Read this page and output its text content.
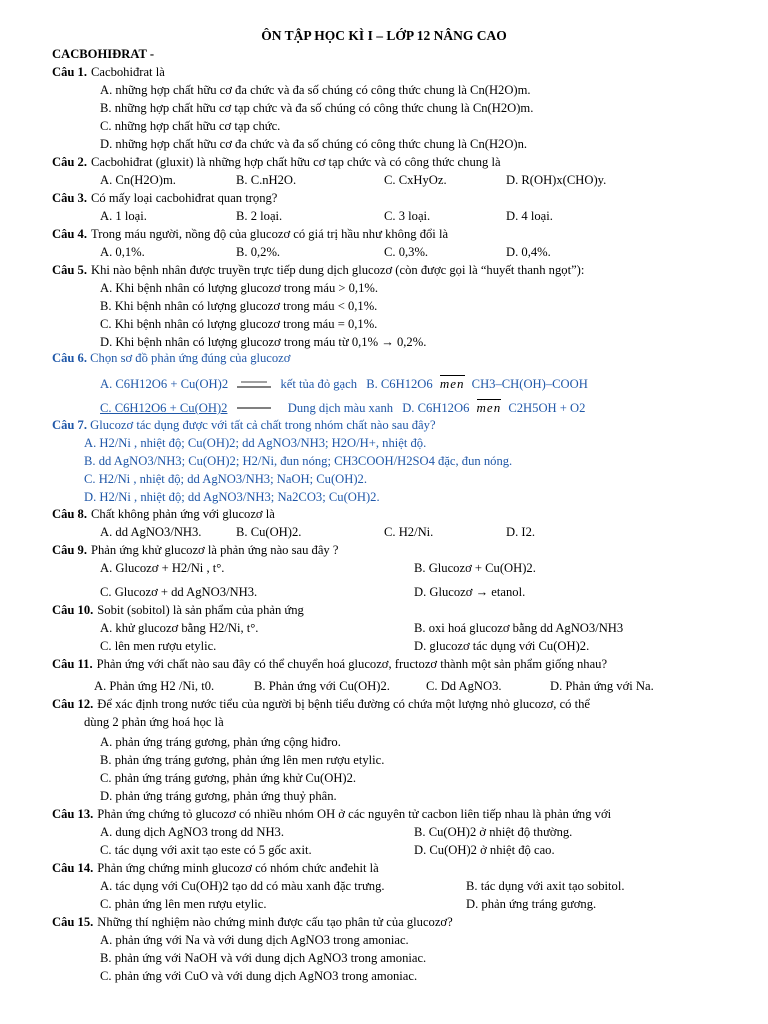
ÔN TẬP HỌC KÌ I – LỚP 12 NÂNG CAO
CACBOHIĐRAT -
Câu 1. Cacbohiđrat là
A. những hợp chất hữu cơ đa chức và đa số chúng có công thức chung là Cn(H2O)m.
B. những hợp chất hữu cơ tạp chức và đa số chúng có công thức chung là Cn(H2O)m.
C. những hợp chất hữu cơ tạp chức.
D. những hợp chất hữu cơ đa chức và đa số chúng có công thức chung là Cn(H2O)n.
Câu 2. Cacbohiđrat (gluxit) là những hợp chất hữu cơ tạp chức và có công thức chung là
A. Cn(H2O)m.	B. C.nH2O.	C. CxHyOz.	D. R(OH)x(CHO)y.
Câu 3. Có mấy loại cacbohiđrat quan trọng?
A. 1 loại.	B. 2 loại.	C. 3 loại.	D. 4 loại.
Câu 4. Trong máu người, nồng độ của glucozơ có giá trị hầu như không đổi là
A. 0,1%.	B. 0,2%.	C. 0,3%.	D. 0,4%.
Câu 5. Khi nào bệnh nhân được truyền trực tiếp dung dịch glucozơ (còn được gọi là “huyết thanh ngọt”):
A. Khi bệnh nhân có lượng glucozơ trong máu > 0,1%.
B. Khi bệnh nhân có lượng glucozơ trong máu < 0,1%.
C. Khi bệnh nhân có lượng glucozơ trong máu = 0,1%.
D. Khi bệnh nhân có lượng glucozơ trong máu từ 0,1% → 0,2%.
Câu 6. Chọn sơ đồ phản ứng đúng của glucozơ
A. C6H12O6 + Cu(OH)2	kết tủa đỏ gạch B. C6H12O6 men CH3–CH(OH)–COOH
C. C6H12O6 + Cu(OH)2	Dung dịch màu xanh D. C6H12O6 men C2H5OH + O2
Câu 7. Glucozơ tác dụng được với tất cả chất trong nhóm chất nào sau đây?
A. H2/Ni , nhiệt độ; Cu(OH)2; dd AgNO3/NH3; H2O/H+, nhiệt độ.
B. dd AgNO3/NH3; Cu(OH)2; H2/Ni, đun nóng; CH3COOH/H2SO4 đặc, đun nóng.
C. H2/Ni , nhiệt độ; dd AgNO3/NH3; NaOH; Cu(OH)2.
D. H2/Ni , nhiệt độ; dd AgNO3/NH3; Na2CO3; Cu(OH)2.
Câu 8. Chất không phản ứng với glucozơ là
A. dd AgNO3/NH3.	B. Cu(OH)2.	C. H2/Ni.	D. I2.
Câu 9. Phản ứng khử glucozơ là phản ứng nào sau đây ?
A. Glucozơ + H2/Ni , t°.	B. Glucozơ + Cu(OH)2.
C. Glucozơ + dd AgNO3/NH3.	D. Glucozơ → etanol.
Câu 10. Sobit (sobitol) là sản phẩm của phản ứng
A. khử glucozơ bằng H2/Ni, t°.	B. oxi hoá glucozơ bằng dd AgNO3/NH3
C. lên men rượu etylic.	D. glucozơ tác dụng với Cu(OH)2.
Câu 11. Phản ứng với chất nào sau đây có thể chuyển hoá glucozơ, fructozơ thành một sản phẩm giống nhau?
A. Phản ứng H2 /Ni, t0.	B. Phản ứng với Cu(OH)2.	C. Dd AgNO3.	D. Phản ứng với Na.
Câu 12. Để xác định trong nước tiểu của người bị bệnh tiểu đường có chứa một lượng nhỏ glucozơ, có thể
dùng 2 phản ứng hoá học là
A. phản ứng tráng gương, phản ứng cộng hiđro.
B. phản ứng tráng gương, phản ứng lên men rượu etylic.
C. phản ứng tráng gương, phản ứng khử Cu(OH)2.
D. phản ứng tráng gương, phản ứng thuỷ phân.
Câu 13. Phản ứng chứng tỏ glucozơ có nhiều nhóm OH ở các nguyên tử cacbon liên tiếp nhau là phản ứng với
A. dung dịch AgNO3 trong dd NH3.	B. Cu(OH)2 ở nhiệt độ thường.
C. tác dụng với axit tạo este có 5 gốc axit.	D. Cu(OH)2 ở nhiệt độ cao.
Câu 14. Phản ứng chứng minh glucozơ có nhóm chức anđehit là
A. tác dụng với Cu(OH)2 tạo dd có màu xanh đặc trưng.	B. tác dụng với axit tạo sobitol.
C. phản ứng lên men rượu etylic.	D. phản ứng tráng gương.
Câu 15. Những thí nghiệm nào chứng minh được cấu tạo phân tử của glucozơ?
A. phản ứng với Na và với dung dịch AgNO3 trong amoniac.
B. phản ứng với NaOH và với dung dịch AgNO3 trong amoniac.
C. phản ứng với CuO và với dung dịch AgNO3 trong amoniac.
